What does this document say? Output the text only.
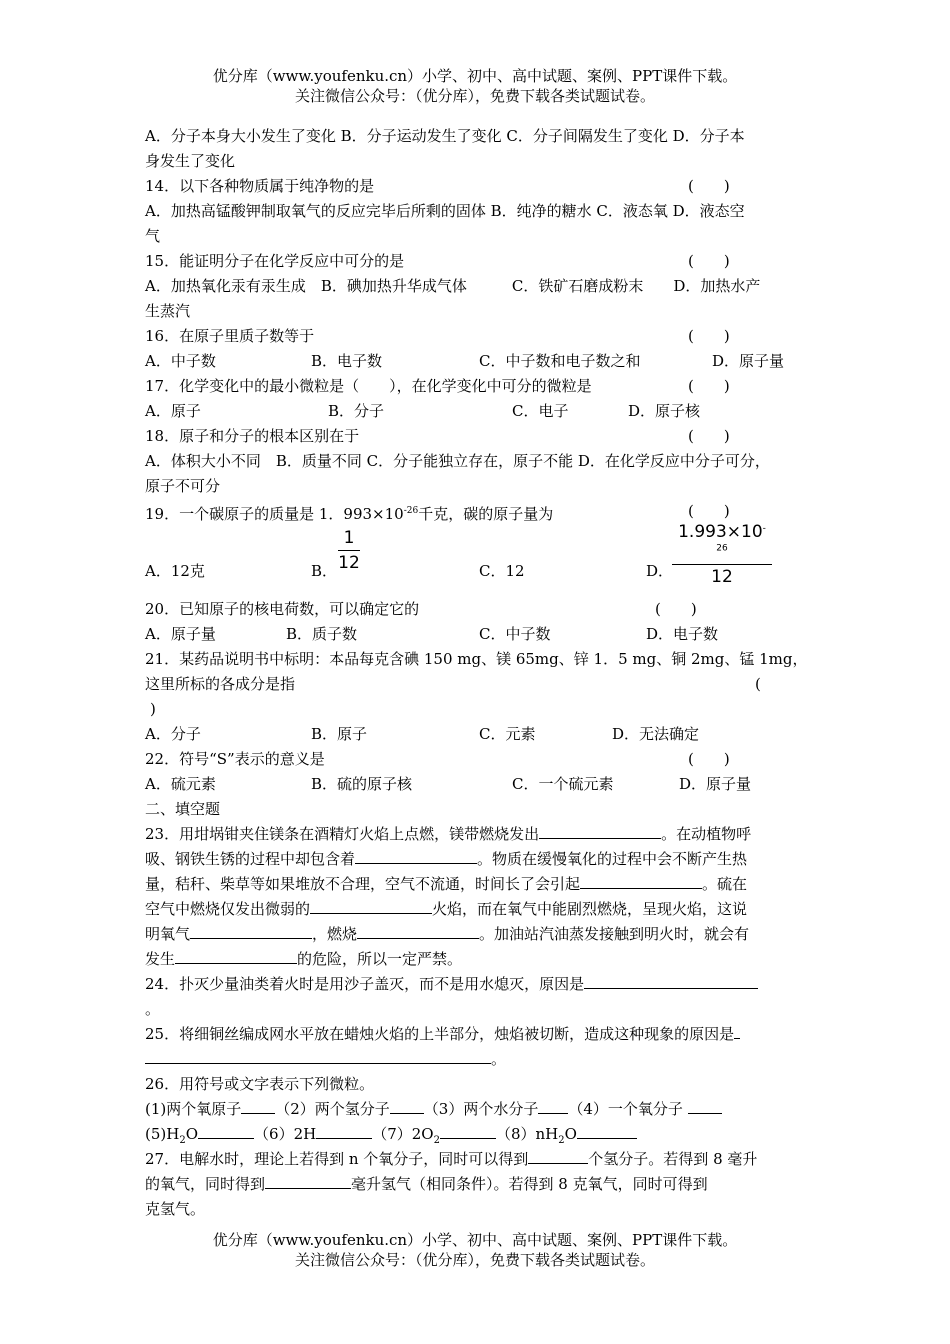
优分库（www.youfenku.cn）小学、初中、高中试题、案例、PPT课件下载。
关注微信公众号：（优分库），免费下载各类试题试卷。
A．分子本身大小发生了变化 B．分子运动发生了变化 C．分子间隔发生了变化 D．分子本
身发生了变化
14．以下各种物质属于纯净物的是	(　　)
A．加热高锰酸钾制取氧气的反应完毕后所剩的固体 B．纯净的糖水 C．液态氧 D．液态空
气
15．能证明分子在化学反应中可分的是	(　　)
A．加热氧化汞有汞生成　B．碘加热升华成气体　　　C．铁矿石磨成粉末　　D．加热水产
生蒸汽
16．在原子里质子数等于	(　　)
A．中子数	B．电子数	C．中子数和电子数之和	D．原子量
17．化学变化中的最小微粒是（　　），在化学变化中可分的微粒是	(　　)
A．原子	B．分子	C．电子	D．原子核
18．原子和分子的根本区别在于	(　　)
A．体积大小不同　B．质量不同 C．分子能独立存在，原子不能 D．在化学反应中分子可分，
原子不可分
19．一个碳原子的质量是 1．$993\times 10^{-26}$千克，碳的原子量为	(　　)
A．12克	B． $\frac{1}{12}$	C．12	D．
$\frac{1.993\times 10^{-26}}{12}$
20．已知原子的核电荷数，可以确定它的	(　　)
A．原子量	B．质子数	C．中子数	D．电子数
21．某药品说明书中标明：本品每克含碘 150 mg、镁 65mg、锌 1．5 mg、铜 2mg、锰 1mg，
这里所标的各成分是指	(
)
A．分子	B．原子	C．元素	D．无法确定
22．符号“S”表示的意义是	(　　)
A．硫元素	B．硫的原子核	C．一个硫元素	D．原子量
二、填空题
23．用坩埚钳夹住镁条在酒精灯火焰上点燃，镁带燃烧发出	。在动植物呼
吸、钢铁生锈的过程中却包含着	。物质在缓慢氧化的过程中会不断产生热
量，秸秆、柴草等如果堆放不合理，空气不流通，时间长了会引起	。硫在
空气中燃烧仅发出微弱的	火焰，而在氧气中能剧烈燃烧，呈现火焰，这说
明氧气	，燃烧	。加油站汽油蒸发接触到明火时，就会有
发生	的危险，所以一定严禁。
24．扑灭少量油类着火时是用沙子盖灭，而不是用水熄灭，原因是
。
25．将细铜丝编成网水平放在蜡烛火焰的上半部分，烛焰被切断，造成这种现象的原因是
。
26．用符号或文字表示下列微粒。
(1)两个氧原子 （2）两个氢分子 （3）两个水分子 （4）一个氧分子
$(5)H_2O$	（6）2H	$(7)2O_2$	$(8)nH_2O$
27．电解水时，理论上若得到 n 个氧分子，同时可以得到	个氢分子。若得到 8 毫升
的氧气，同时得到	毫升氢气（相同条件）。若得到 8 克氧气，同时可得到
克氢气。
优分库（www.youfenku.cn）小学、初中、高中试题、案例、PPT课件下载。
关注微信公众号：（优分库），免费下载各类试题试卷。
